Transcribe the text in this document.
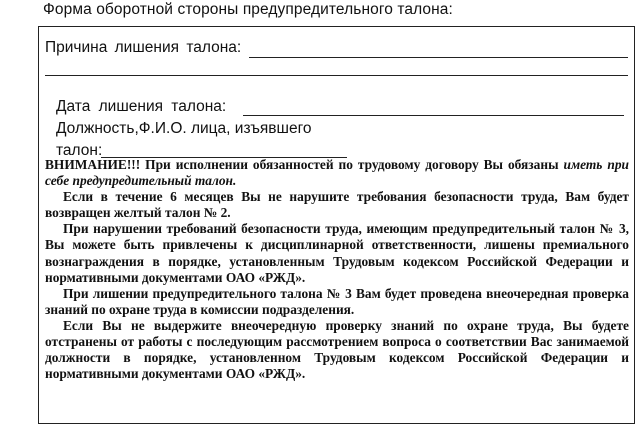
Форма оборотной стороны предупредительного талона:
Причина лишения талона:
Дата лишения талона:
Должность,Ф.И.О. лица, изъявшего
талон:

ВНИМАНИЕ!!! При исполнении обязанностей по трудовому договору Вы обязаны иметь при себе предупредительный талон.

Если в течение 6 месяцев Вы не нарушите требования безопасности труда, Вам будет возвращен желтый талон № 2.

При нарушении требований безопасности труда, имеющим предупредительный талон № 3, Вы можете быть привлечены к дисциплинарной ответственности, лишены премиального вознаграждения в порядке, установленным Трудовым кодексом Российской Федерации и нормативными документами ОАО «РЖД».

При лишении предупредительного талона № 3 Вам будет проведена внеочередная проверка знаний по охране труда в комиссии подразделения.

Если Вы не выдержите внеочередную проверку знаний по охране труда, Вы будете отстранены от работы с последующим рассмотрением вопроса о соответствии Вас занимаемой должности в порядке, установленном Трудовым кодексом Российской Федерации и нормативными документами ОАО «РЖД».
